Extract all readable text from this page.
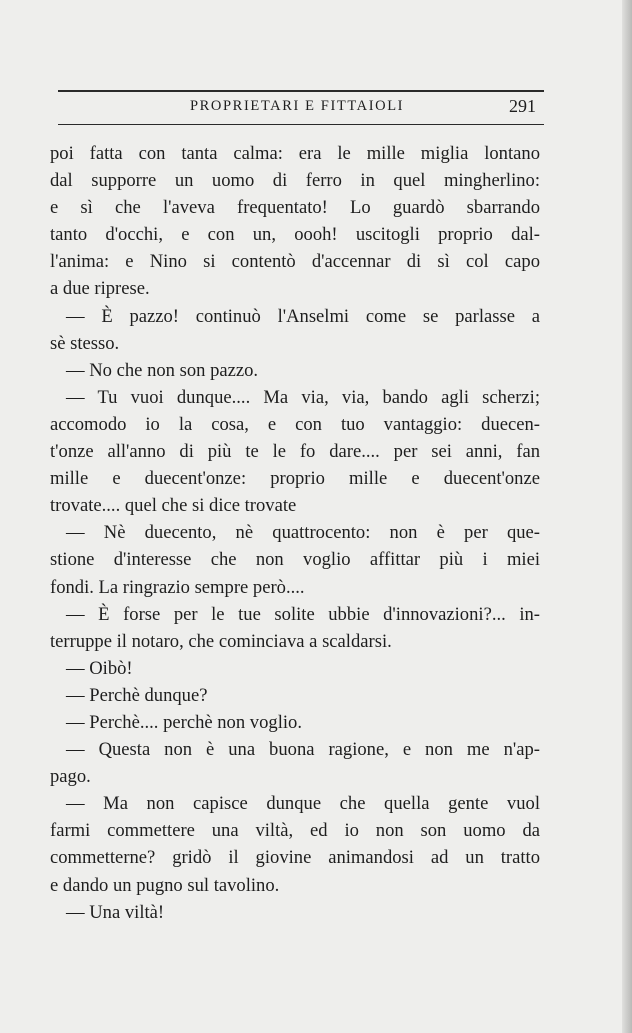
PROPRIETARI E FITTAIOLI	291
poi fatta con tanta calma: era le mille miglia lontano
dal supporre un uomo di ferro in quel mingherlino:
e sì che l'aveva frequentato! Lo guardò sbarrando
tanto d'occhi, e con un, oooh! uscitogli proprio dal-
l'anima: e Nino si contentò d'accennar di sì col capo
a due riprese.
— È pazzo! continuò l'Anselmi come se parlasse a
sè stesso.
— No che non son pazzo.
— Tu vuoi dunque.... Ma via, via, bando agli scherzi;
accomodo io la cosa, e con tuo vantaggio: duecen-
t'onze all'anno di più te le fo dare.... per sei anni, fan
mille e duecent'onze: proprio mille e duecent'onze
trovate.... quel che si dice trovate
— Nè duecento, nè quattrocento: non è per que-
stione d'interesse che non voglio affittar più i miei
fondi. La ringrazio sempre però....
— È forse per le tue solite ubbie d'innovazioni?... in-
terruppe il notaro, che cominciava a scaldarsi.
— Oibò!
— Perchè dunque?
— Perchè.... perchè non voglio.
— Questa non è una buona ragione, e non me n'ap-
pago.
— Ma non capisce dunque che quella gente vuol
farmi commettere una viltà, ed io non son uomo da
commetterne? gridò il giovine animandosi ad un tratto
e dando un pugno sul tavolino.
— Una viltà!
